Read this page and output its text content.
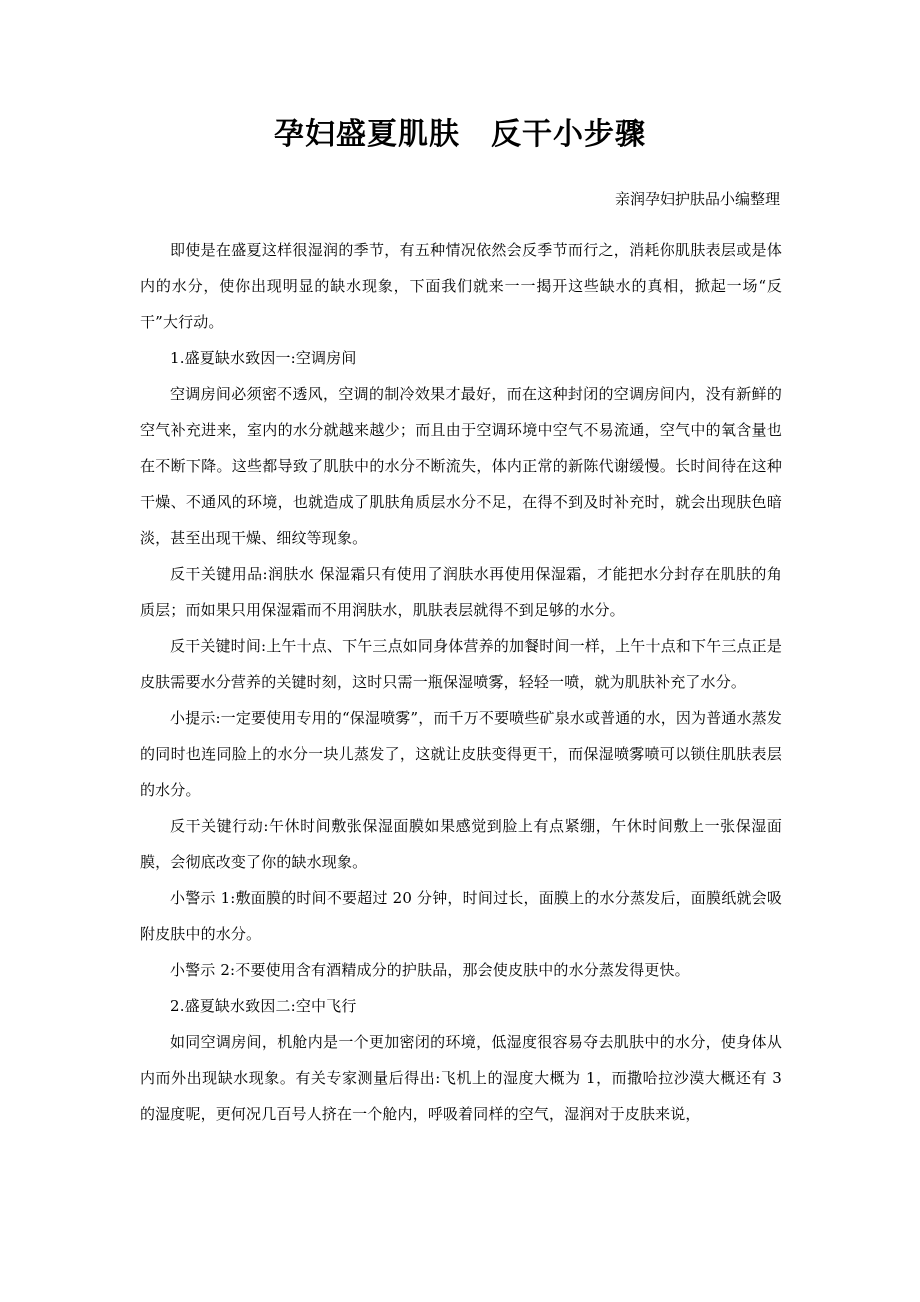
孕妇盛夏肌肤　反干小步骤

亲润孕妇护肤品小编整理

即使是在盛夏这样很湿润的季节，有五种情况依然会反季节而行之，消耗你肌肤表层或是体内的水分，使你出现明显的缺水现象，下面我们就来一一揭开这些缺水的真相，掀起一场“反干”大行动。

1.盛夏缺水致因一:空调房间

空调房间必须密不透风，空调的制冷效果才最好，而在这种封闭的空调房间内，没有新鲜的空气补充进来，室内的水分就越来越少；而且由于空调环境中空气不易流通，空气中的氧含量也在不断下降。这些都导致了肌肤中的水分不断流失，体内正常的新陈代谢缓慢。长时间待在这种干燥、不通风的环境，也就造成了肌肤角质层水分不足，在得不到及时补充时，就会出现肤色暗淡，甚至出现干燥、细纹等现象。

反干关键用品:润肤水 保湿霜只有使用了润肤水再使用保湿霜，才能把水分封存在肌肤的角质层；而如果只用保湿霜而不用润肤水，肌肤表层就得不到足够的水分。

反干关键时间:上午十点、下午三点如同身体营养的加餐时间一样，上午十点和下午三点正是皮肤需要水分营养的关键时刻，这时只需一瓶保湿喷雾，轻轻一喷，就为肌肤补充了水分。

小提示:一定要使用专用的“保湿喷雾”，而千万不要喷些矿泉水或普通的水，因为普通水蒸发的同时也连同脸上的水分一块儿蒸发了，这就让皮肤变得更干，而保湿喷雾喷可以锁住肌肤表层的水分。

反干关键行动:午休时间敷张保湿面膜如果感觉到脸上有点紧绷，午休时间敷上一张保湿面膜，会彻底改变了你的缺水现象。

小警示 1:敷面膜的时间不要超过 20 分钟，时间过长，面膜上的水分蒸发后，面膜纸就会吸附皮肤中的水分。

小警示 2:不要使用含有酒精成分的护肤品，那会使皮肤中的水分蒸发得更快。

2.盛夏缺水致因二:空中飞行

如同空调房间，机舱内是一个更加密闭的环境，低湿度很容易夺去肌肤中的水分，使身体从内而外出现缺水现象。有关专家测量后得出:飞机上的湿度大概为 1，而撒哈拉沙漠大概还有 3 的湿度呢，更何况几百号人挤在一个舱内，呼吸着同样的空气，湿润对于皮肤来说，
